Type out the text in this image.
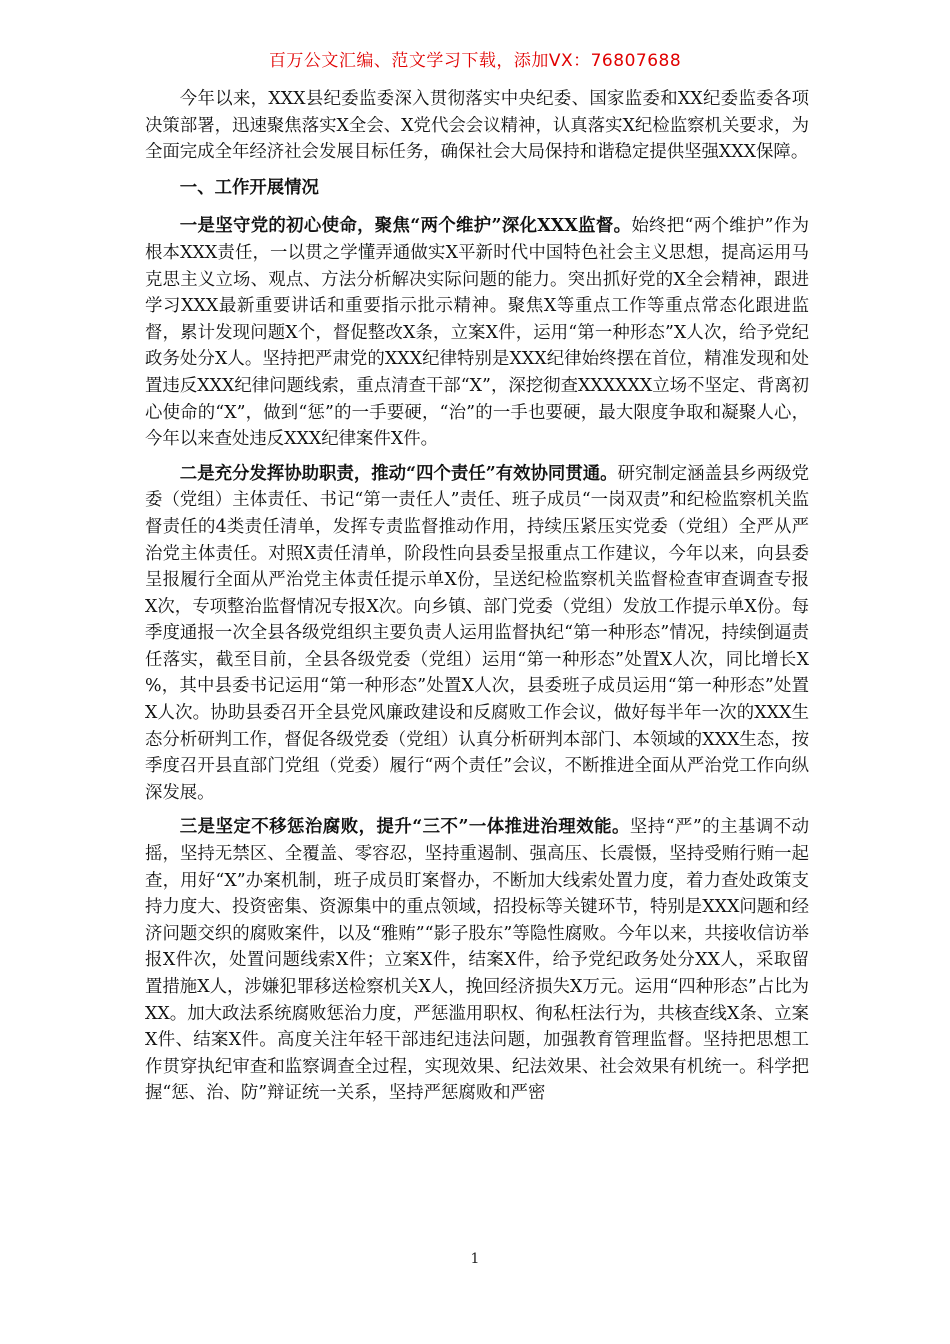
百万公文汇编、范文学习下载，添加VX：76807688

今年以来，XXX县纪委监委深入贯彻落实中央纪委、国家监委和XX纪委监委各项决策部署，迅速聚焦落实X全会、X党代会会议精神，认真落实X纪检监察机关要求，为全面完成全年经济社会发展目标任务，确保社会大局保持和谐稳定提供坚强XXX保障。

一、工作开展情况

一是坚守党的初心使命，聚焦“两个维护”深化XXX监督。始终把“两个维护”作为根本XXX责任，一以贯之学懂弄通做实X平新时代中国特色社会主义思想，提高运用马克思主义立场、观点、方法分析解决实际问题的能力。突出抓好党的X全会精神，跟进学习XXX最新重要讲话和重要指示批示精神。聚焦X等重点工作等重点常态化跟进监督，累计发现问题X个，督促整改X条，立案X件，运用“第一种形态”X人次，给予党纪政务处分X人。坚持把严肃党的XXX纪律特别是XXX纪律始终摆在首位，精准发现和处置违反XXX纪律问题线索，重点清查干部“X”，深挖彻查XXXXXX立场不坚定、背离初心使命的“X”，做到“惩”的一手要硬，“治”的一手也要硬，最大限度争取和凝聚人心，今年以来查处违反XXX纪律案件X件。

二是充分发挥协助职责，推动“四个责任”有效协同贯通。研究制定涵盖县乡两级党委（党组）主体责任、书记“第一责任人”责任、班子成员“一岗双责”和纪检监察机关监督责任的4类责任清单，发挥专责监督推动作用，持续压紧压实党委（党组）全严从严治党主体责任。对照X责任清单，阶段性向县委呈报重点工作建议，今年以来，向县委呈报履行全面从严治党主体责任提示单X份，呈送纪检监察机关监督检查审查调查专报X次，专项整治监督情况专报X次。向乡镇、部门党委（党组）发放工作提示单X份。每季度通报一次全县各级党组织主要负责人运用监督执纪“第一种形态”情况，持续倒逼责任落实，截至目前，全县各级党委（党组）运用“第一种形态”处置X人次，同比增长X %，其中县委书记运用“第一种形态”处置X人次，县委班子成员运用“第一种形态”处置X人次。协助县委召开全县党风廉政建设和反腐败工作会议，做好每半年一次的XXX生态分析研判工作，督促各级党委（党组）认真分析研判本部门、本领域的XXX生态，按季度召开县直部门党组（党委）履行“两个责任”会议，不断推进全面从严治党工作向纵深发展。

三是坚定不移惩治腐败，提升“三不”一体推进治理效能。坚持“严”的主基调不动摇，坚持无禁区、全覆盖、零容忍，坚持重遏制、强高压、长震慑，坚持受贿行贿一起查，用好“X”办案机制，班子成员盯案督办，不断加大线索处置力度，着力查处政策支持力度大、投资密集、资源集中的重点领域，招投标等关键环节，特别是XXX问题和经济问题交织的腐败案件，以及“雅贿”“影子股东”等隐性腐败。今年以来，共接收信访举报X件次，处置问题线索X件；立案X件，结案X件，给予党纪政务处分XX人，采取留置措施X人，涉嫌犯罪移送检察机关X人，挽回经济损失X万元。运用“四种形态”占比为XX。加大政法系统腐败惩治力度，严惩滥用职权、徇私枉法行为，共核查线X条、立案X件、结案X件。高度关注年轻干部违纪违法问题，加强教育管理监督。坚持把思想工作贯穿执纪审查和监察调查全过程，实现效果、纪法效果、社会效果有机统一。科学把握“惩、治、防”辩证统一关系，坚持严惩腐败和严密

1
